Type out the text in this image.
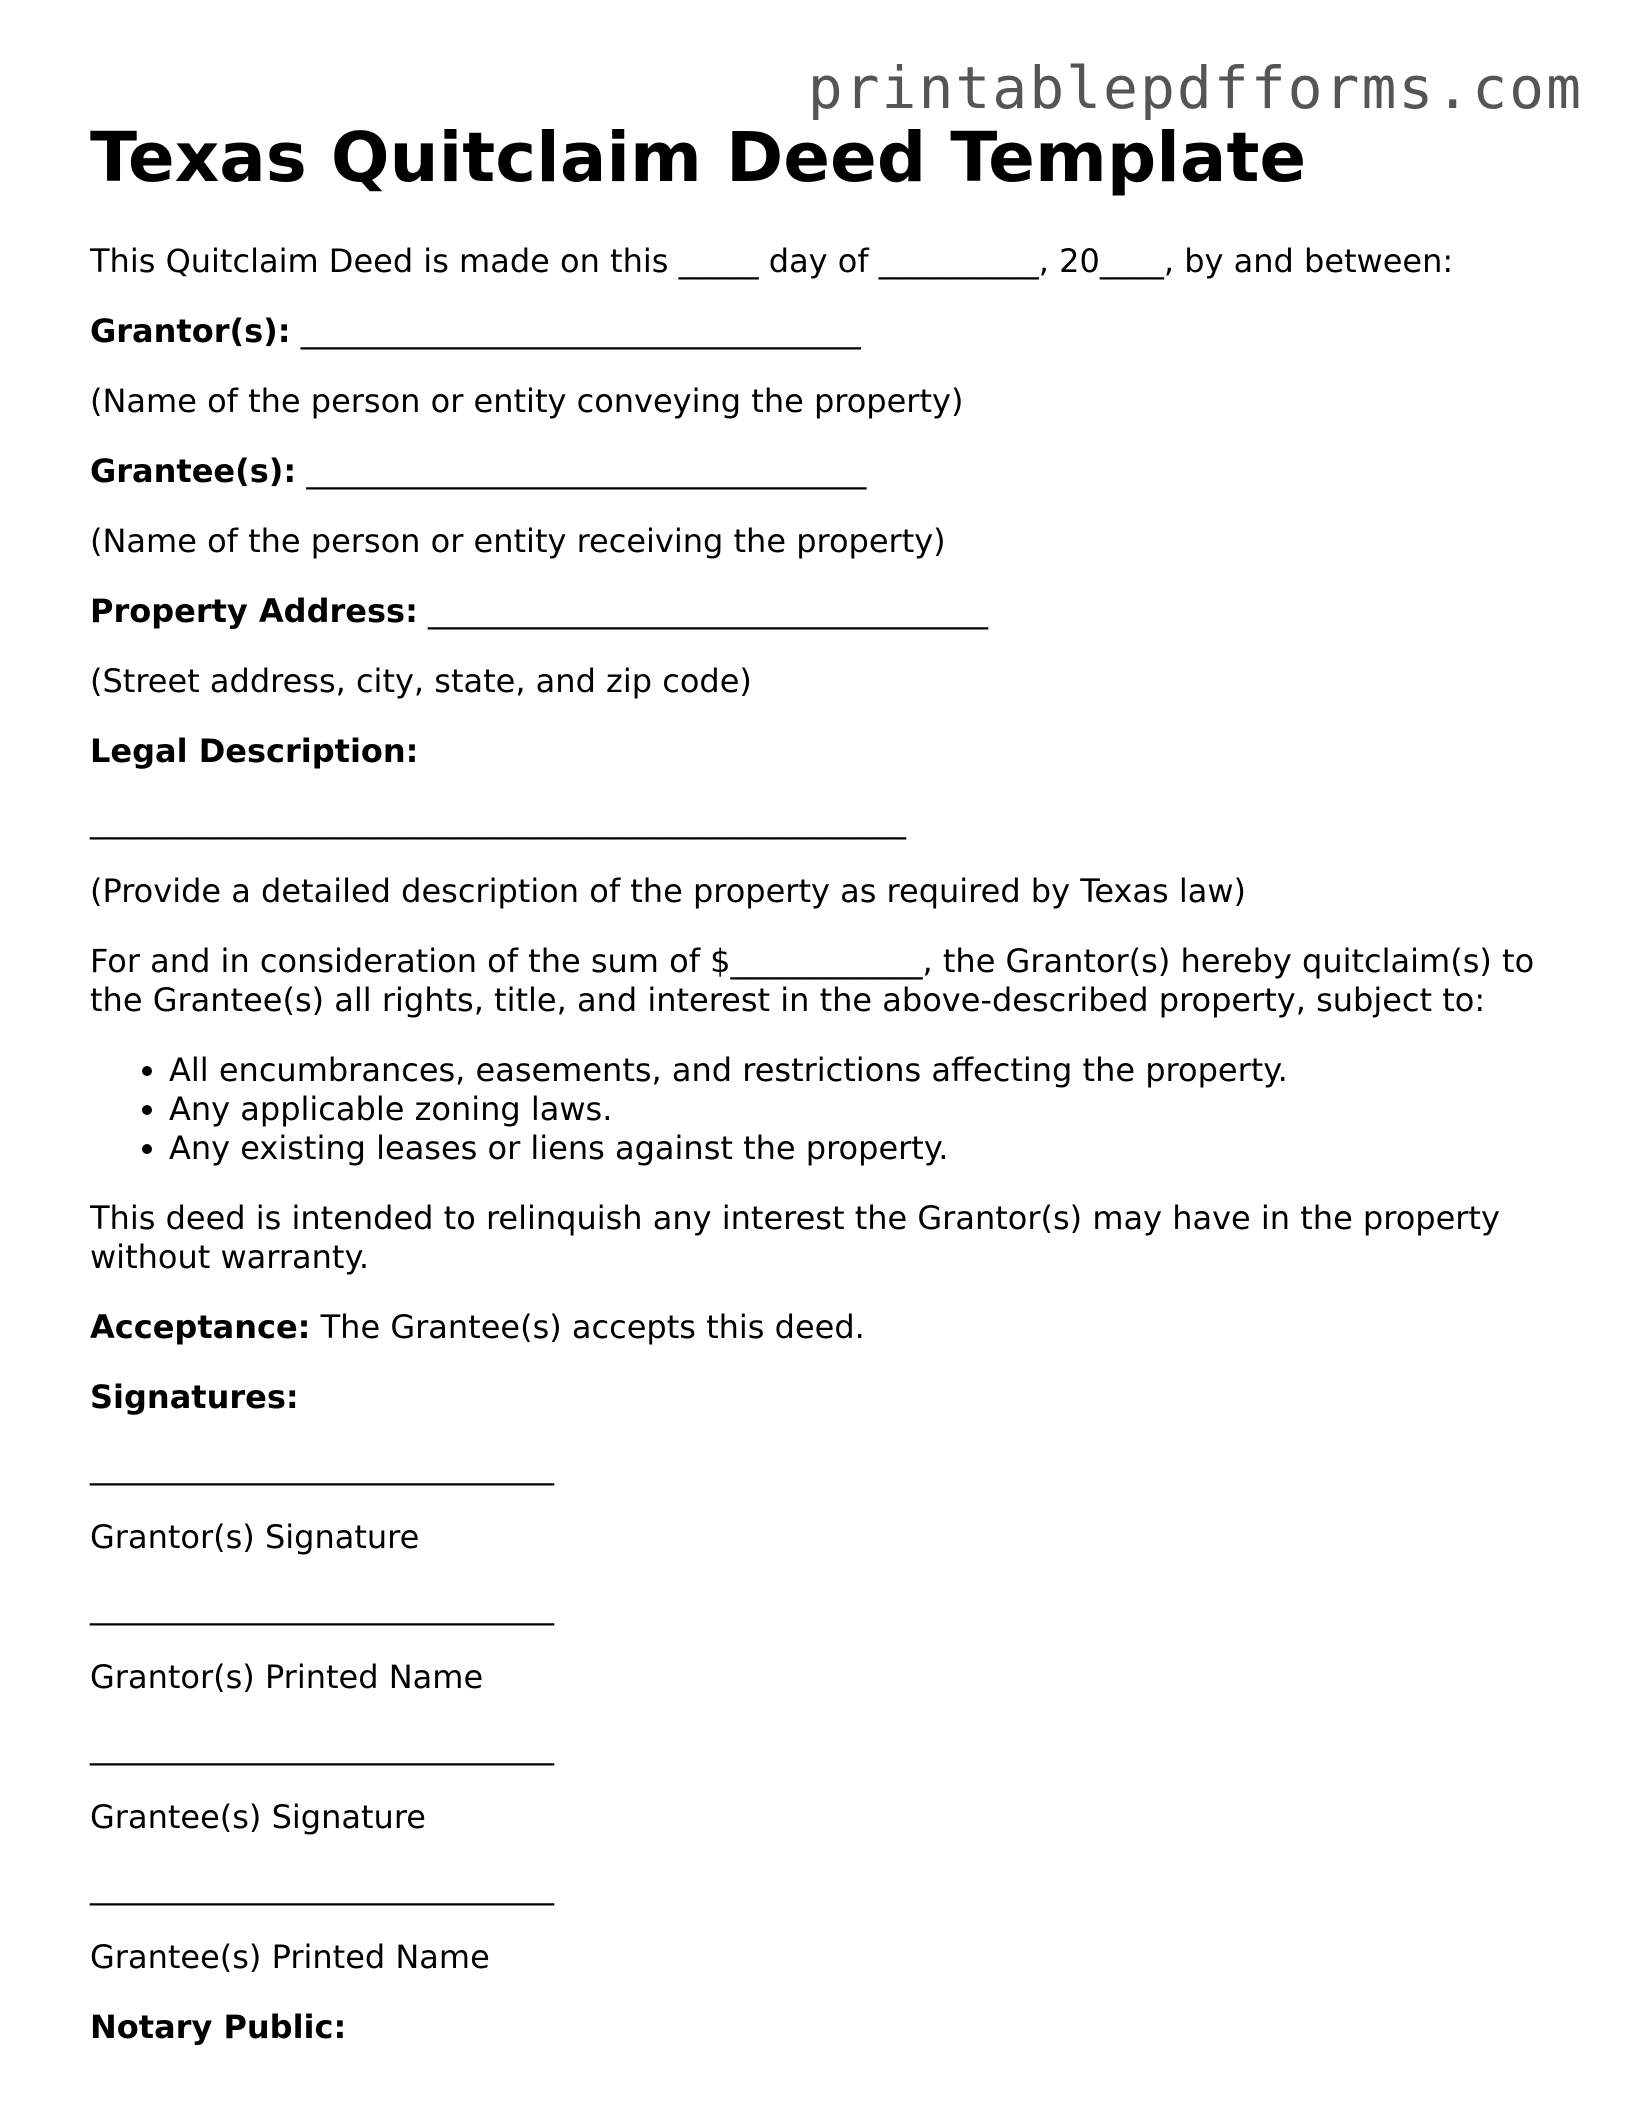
printablepdfforms.com
Texas Quitclaim Deed Template

This Quitclaim Deed is made on this _____ day of __________, 20____, by and between:

Grantor(s): ___________________________________

(Name of the person or entity conveying the property)

Grantee(s): ___________________________________

(Name of the person or entity receiving the property)

Property Address: ___________________________________

(Street address, city, state, and zip code)

Legal Description:

___________________________________________________

(Provide a detailed description of the property as required by Texas law)

For and in consideration of the sum of $____________, the Grantor(s) hereby quitclaim(s) to the Grantee(s) all rights, title, and interest in the above-described property, subject to:

• All encumbrances, easements, and restrictions affecting the property.
• Any applicable zoning laws.
• Any existing leases or liens against the property.

This deed is intended to relinquish any interest the Grantor(s) may have in the property without warranty.

Acceptance: The Grantee(s) accepts this deed.

Signatures:

_____________________________

Grantor(s) Signature

_____________________________

Grantor(s) Printed Name

_____________________________

Grantee(s) Signature

_____________________________

Grantee(s) Printed Name

Notary Public:
